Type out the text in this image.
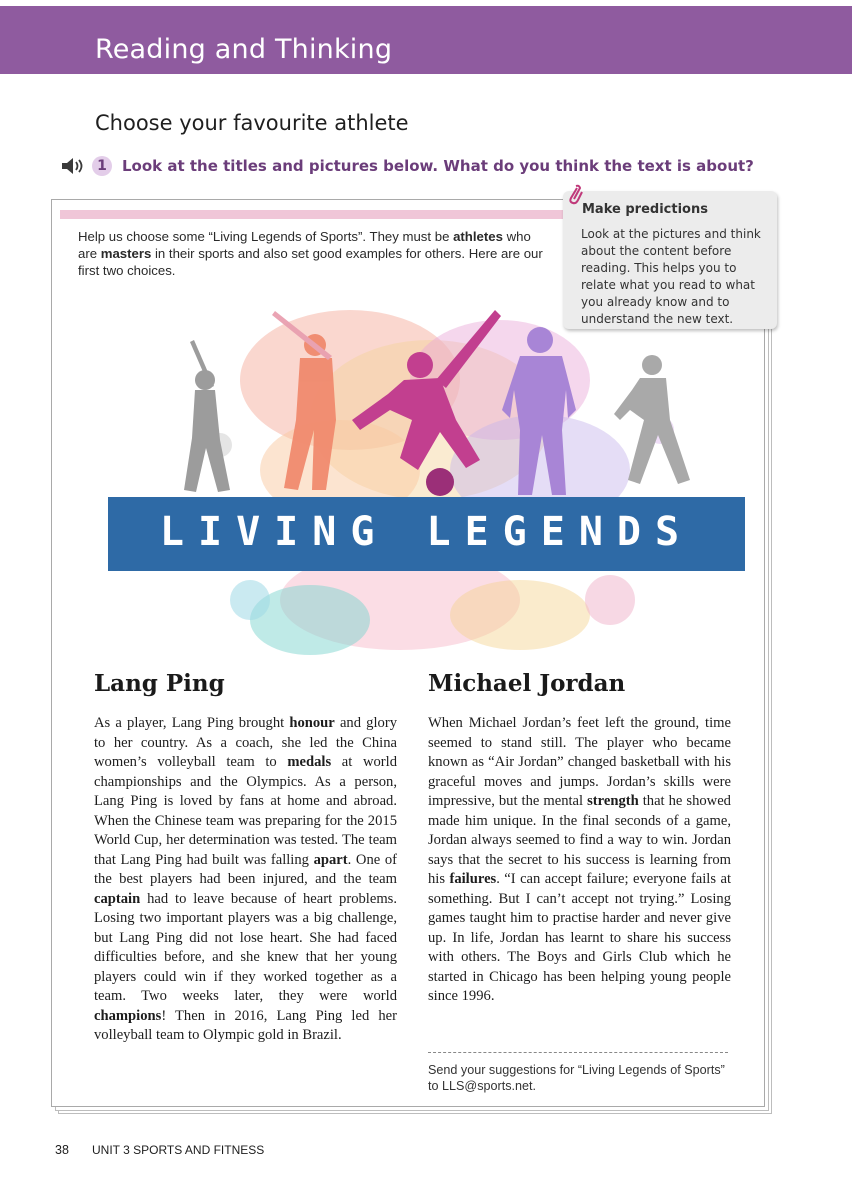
Reading and Thinking
Choose your favourite athlete
1	Look at the titles and pictures below. What do you think the text is about?

Help us choose some “Living Legends of Sports”. They must be athletes who are masters in their sports and also set good examples for others. Here are our first two choices.

Make predictions
Look at the pictures and think about the content before reading. This helps you to relate what you read to what you already know and to understand the new text.
LIVING LEGENDS
Lang Ping

As a player, Lang Ping brought honour and glory to her country. As a coach, she led the China women’s volleyball team to medals at world championships and the Olympics. As a person, Lang Ping is loved by fans at home and abroad. When the Chinese team was preparing for the 2015 World Cup, her determination was tested. The team that Lang Ping had built was falling apart. One of the best players had been injured, and the team captain had to leave because of heart problems. Losing two important players was a big challenge, but Lang Ping did not lose heart. She had faced difficulties before, and she knew that her young players could win if they worked together as a team. Two weeks later, they were world champions! Then in 2016, Lang Ping led her volleyball team to Olympic gold in Brazil.

Michael Jordan

When Michael Jordan’s feet left the ground, time seemed to stand still. The player who became known as “Air Jordan” changed basketball with his graceful moves and jumps. Jordan’s skills were impressive, but the mental strength that he showed made him unique. In the final seconds of a game, Jordan always seemed to find a way to win. Jordan says that the secret to his success is learning from his failures. “I can accept failure; everyone fails at something. But I can’t accept not trying.” Losing games taught him to practise harder and never give up. In life, Jordan has learnt to share his success with others. The Boys and Girls Club which he started in Chicago has been helping young people since 1996.

Send your suggestions for “Living Legends of Sports” to LLS@sports.net.

38 UNIT 3 SPORTS AND FITNESS
